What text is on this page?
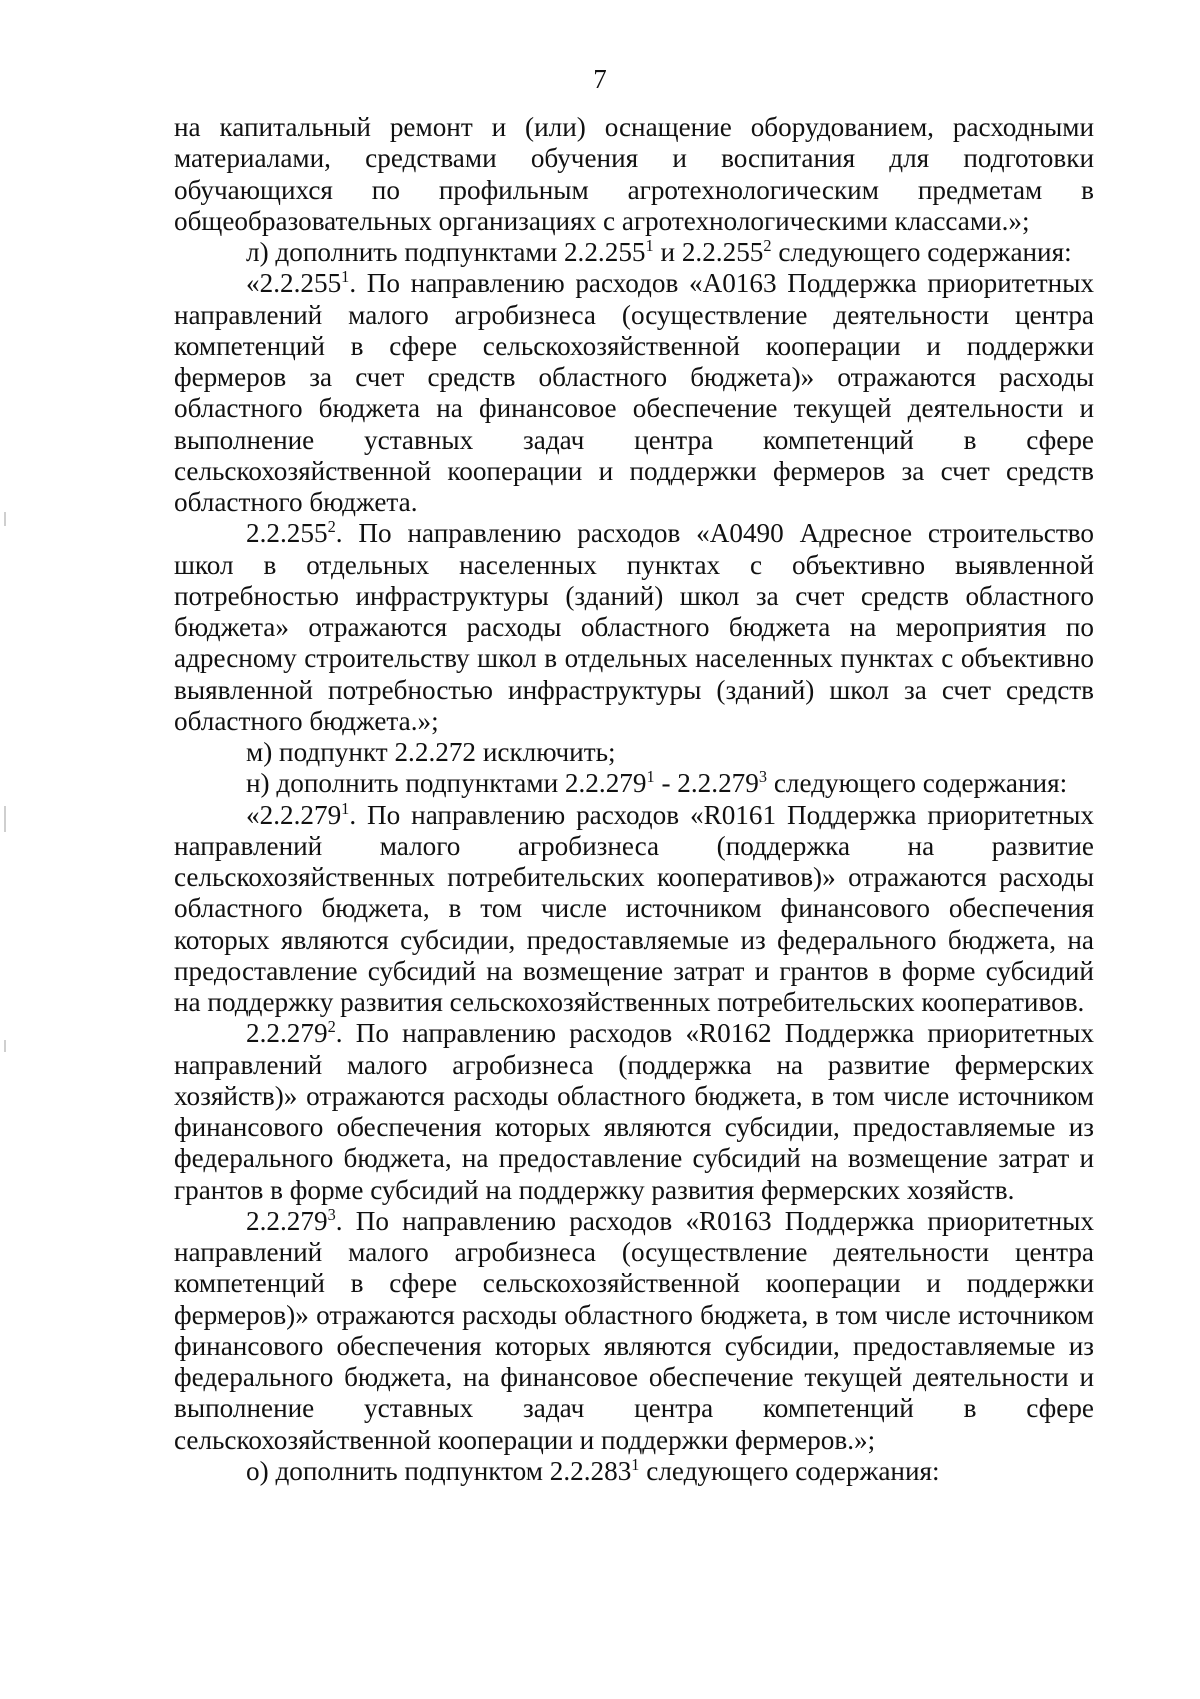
7

на капитальный ремонт и (или) оснащение оборудованием, расходными материалами, средствами обучения и воспитания для подготовки обучающихся по профильным агротехнологическим предметам в общеобразовательных организациях с агротехнологическими классами.»;

л) дополнить подпунктами 2.2.255$^1$ и 2.2.255$^2$ следующего содержания:

«2.2.255$^1$. По направлению расходов «А0163 Поддержка приоритетных направлений малого агробизнеса (осуществление деятельности центра компетенций в сфере сельскохозяйственной кооперации и поддержки фермеров за счет средств областного бюджета)» отражаются расходы областного бюджета на финансовое обеспечение текущей деятельности и выполнение уставных задач центра компетенций в сфере сельскохозяйственной кооперации и поддержки фермеров за счет средств областного бюджета.

2.2.255$^2$. По направлению расходов «А0490 Адресное строительство школ в отдельных населенных пунктах с объективно выявленной потребностью инфраструктуры (зданий) школ за счет средств областного бюджета» отражаются расходы областного бюджета на мероприятия по адресному строительству школ в отдельных населенных пунктах с объективно выявленной потребностью инфраструктуры (зданий) школ за счет средств областного бюджета.»;

м) подпункт 2.2.272 исключить;

н) дополнить подпунктами 2.2.279$^1$ - 2.2.279$^3$ следующего содержания:

«2.2.279$^1$. По направлению расходов «R0161 Поддержка приоритетных направлений малого агробизнеса (поддержка на развитие сельскохозяйственных потребительских кооперативов)» отражаются расходы областного бюджета, в том числе источником финансового обеспечения которых являются субсидии, предоставляемые из федерального бюджета, на предоставление субсидий на возмещение затрат и грантов в форме субсидий на поддержку развития сельскохозяйственных потребительских кооперативов.

2.2.279$^2$. По направлению расходов «R0162 Поддержка приоритетных направлений малого агробизнеса (поддержка на развитие фермерских хозяйств)» отражаются расходы областного бюджета, в том числе источником финансового обеспечения которых являются субсидии, предоставляемые из федерального бюджета, на предоставление субсидий на возмещение затрат и грантов в форме субсидий на поддержку развития фермерских хозяйств.

2.2.279$^3$. По направлению расходов «R0163 Поддержка приоритетных направлений малого агробизнеса (осуществление деятельности центра компетенций в сфере сельскохозяйственной кооперации и поддержки фермеров)» отражаются расходы областного бюджета, в том числе источником финансового обеспечения которых являются субсидии, предоставляемые из федерального бюджета, на финансовое обеспечение текущей деятельности и выполнение уставных задач центра компетенций в сфере сельскохозяйственной кооперации и поддержки фермеров.»;

о) дополнить подпунктом 2.2.283$^1$ следующего содержания:
